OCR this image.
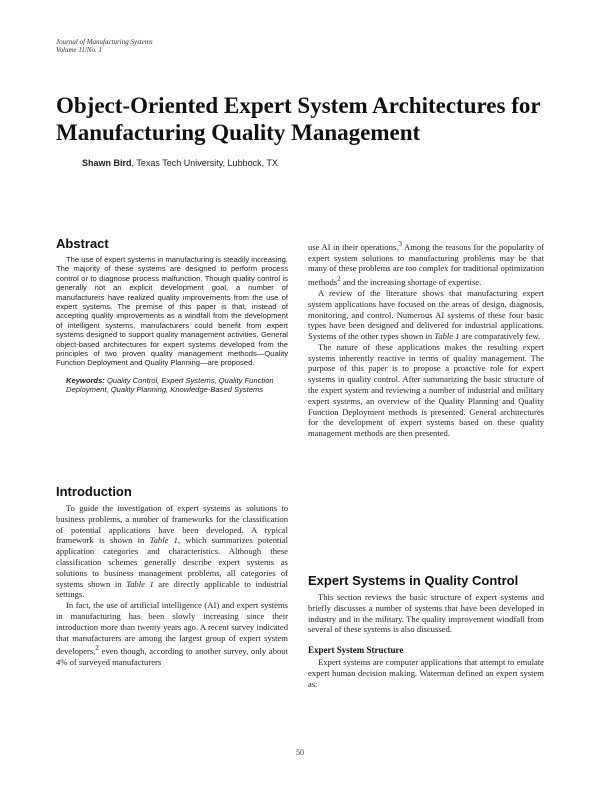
Journal of Manufacturing Systems
Volume 11/No. 1
Object-Oriented Expert System Architectures for Manufacturing Quality Management
Shawn Bird, Texas Tech University, Lubbock, TX
Abstract

The use of expert systems in manufacturing is steadily increasing. The majority of these systems are designed to perform process control or to diagnose process malfunction. Though quality control is generally not an explicit development goal, a number of manufacturers have realized quality improvements from the use of expert systems. The premise of this paper is that, instead of accepting quality improvements as a windfall from the development of intelligent systems, manufacturers could benefit from expert systems designed to support quality management activities. General object-based architectures for expert systems developed from the principles of two proven quality management methods—Quality Function Deployment and Quality Planning—are proposed.

Keywords: Quality Control, Expert Systems, Quality Function Deployment, Quality Planning, Knowledge-Based Systems
Introduction

To guide the investigation of expert systems as solutions to business problems, a number of frameworks for the classification of potential applications have been developed. A typical framework is shown in Table 1, which summarizes potential application categories and characteristics. Although these classification schemes generally describe expert systems as solutions to business management problems, all categories of systems shown in Table 1 are directly applicable to industrial settings.

In fact, the use of artificial intelligence (AI) and expert systems in manufacturing has been slowly increasing since their introduction more than twenty years ago. A recent survey indicated that manufacturers are among the largest group of expert system developers,$^2$ even though, according to another survey, only about 4% of surveyed manufacturers

use AI in their operations.$^3$ Among the reasons for the popularity of expert system solutions to manufacturing problems may be that many of these problems are too complex for traditional optimization methods$^2$ and the increasing shortage of expertise.

A review of the literature shows that manufacturing expert system applications have focused on the areas of design, diagnosis, monitoring, and control. Numerous AI systems of these four basic types have been designed and delivered for industrial applications. Systems of the other types shown in Table 1 are comparatively few.

The nature of these applications makes the resulting expert systems inherently reactive in terms of quality management. The purpose of this paper is to propose a proactive role for expert systems in quality control. After summarizing the basic structure of the expert system and reviewing a number of industrial and military expert systems, an overview of the Quality Planning and Quality Function Deployment methods is presented. General architectures for the development of expert systems based on these quality management methods are then presented.

Expert Systems in Quality Control

This section reviews the basic structure of expert systems and briefly discusses a number of systems that have been developed in industry and in the military. The quality improvement windfall from several of these systems is also discussed.

Expert System Structure

Expert systems are computer applications that attempt to emulate expert human decision making. Waterman defined an expert system as:

50
